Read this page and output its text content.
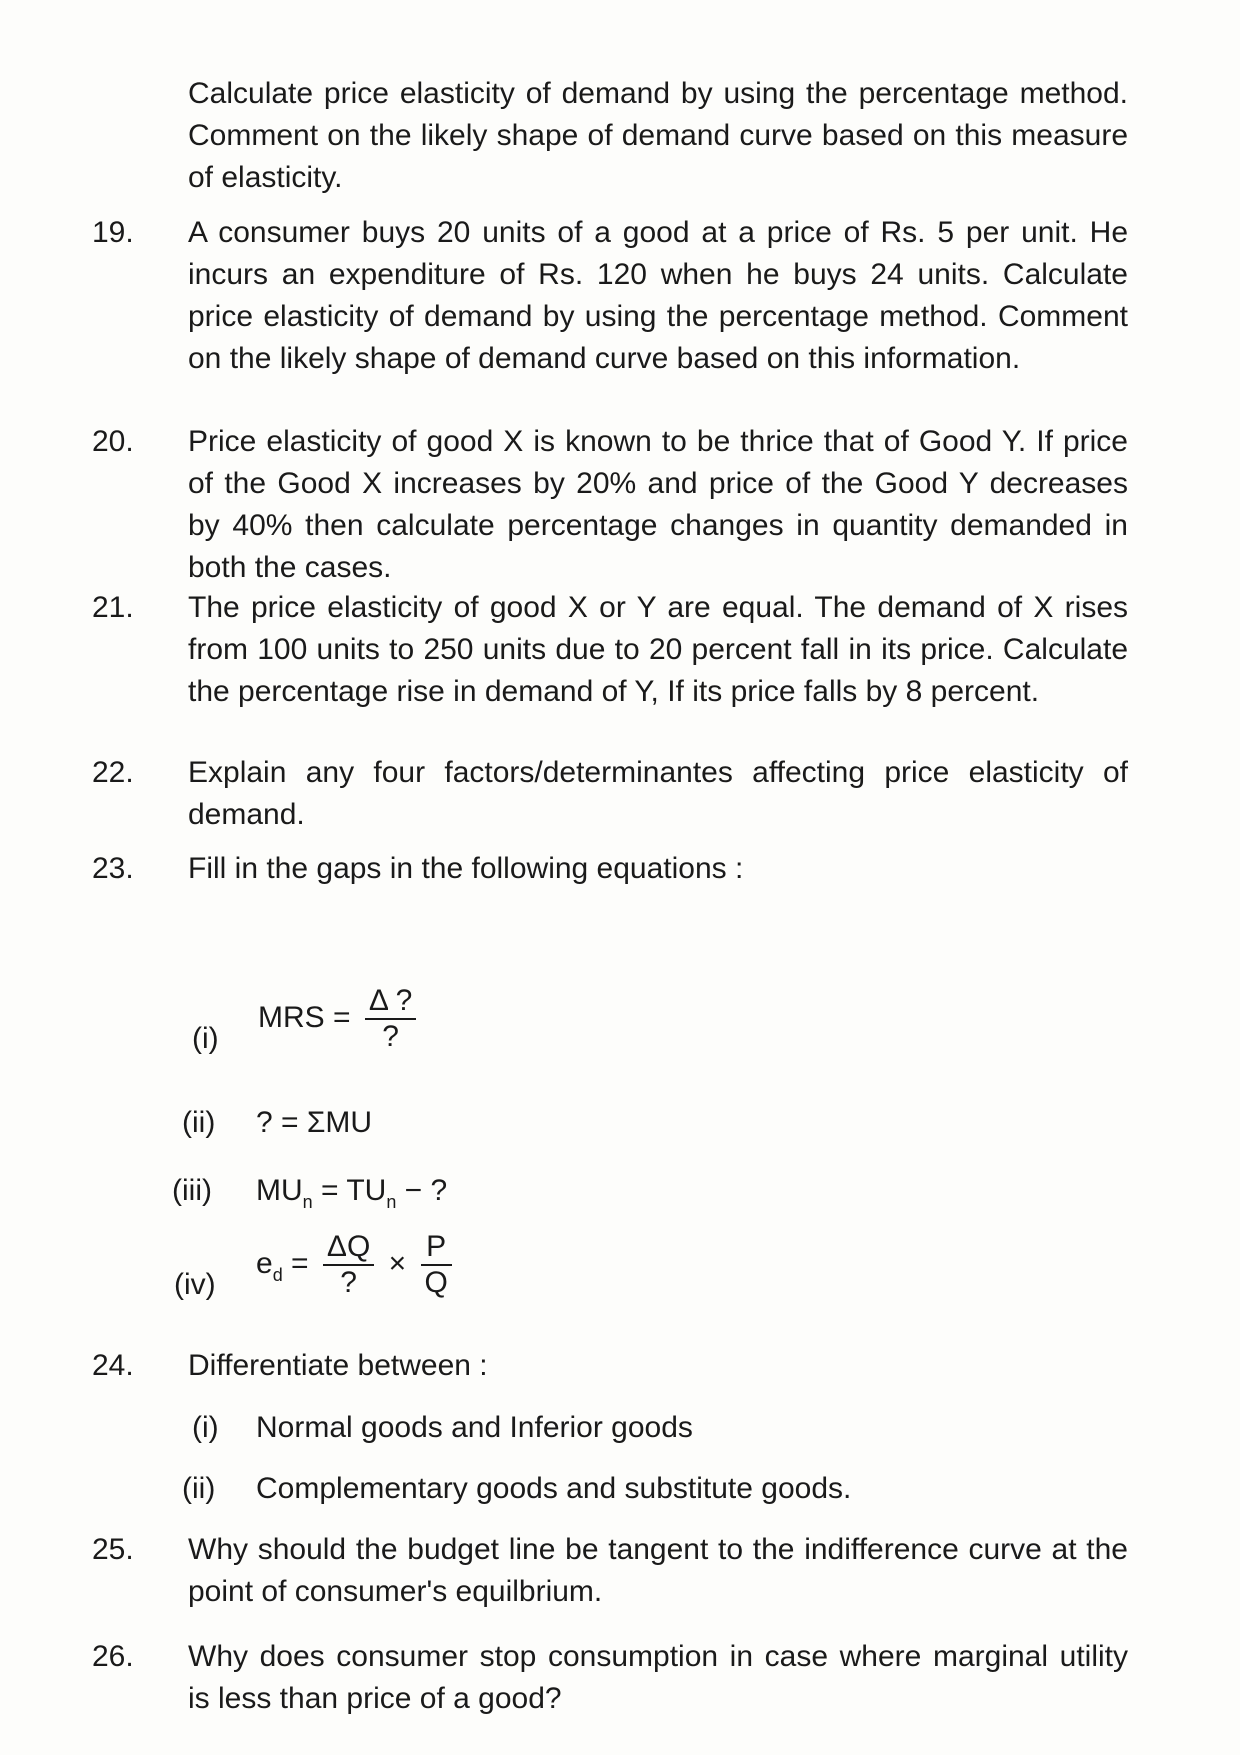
Calculate price elasticity of demand by using the percentage method. Comment on the likely shape of demand curve based on this measure of elasticity.

19. A consumer buys 20 units of a good at a price of Rs. 5 per unit. He incurs an expenditure of Rs. 120 when he buys 24 units. Calculate price elasticity of demand by using the percentage method. Comment on the likely shape of demand curve based on this information.

20. Price elasticity of good X is known to be thrice that of Good Y. If price of the Good X increases by 20% and price of the Good Y decreases by 40% then calculate percentage changes in quantity demanded in both the cases.

21. The price elasticity of good X or Y are equal. The demand of X rises from 100 units to 250 units due to 20 percent fall in its price. Calculate the percentage rise in demand of Y, If its price falls by 8 percent.

22. Explain any four factors/determinantes affecting price elasticity of demand.

23. Fill in the gaps in the following equations :

(i)
MRS = $\frac{\Delta ?}{?}$
(ii) ? = ΣMU
(iii) $MU_n = TU_n$ − ?
(iv)
$e_d = \frac{\Delta Q}{?} \times \frac{P}{Q}$
24. Differentiate between :

(i) Normal goods and Inferior goods
(ii) Complementary goods and substitute goods.
25. Why should the budget line be tangent to the indifference curve at the point of consumer's equilbrium.

26. Why does consumer stop consumption in case where marginal utility is less than price of a good?
